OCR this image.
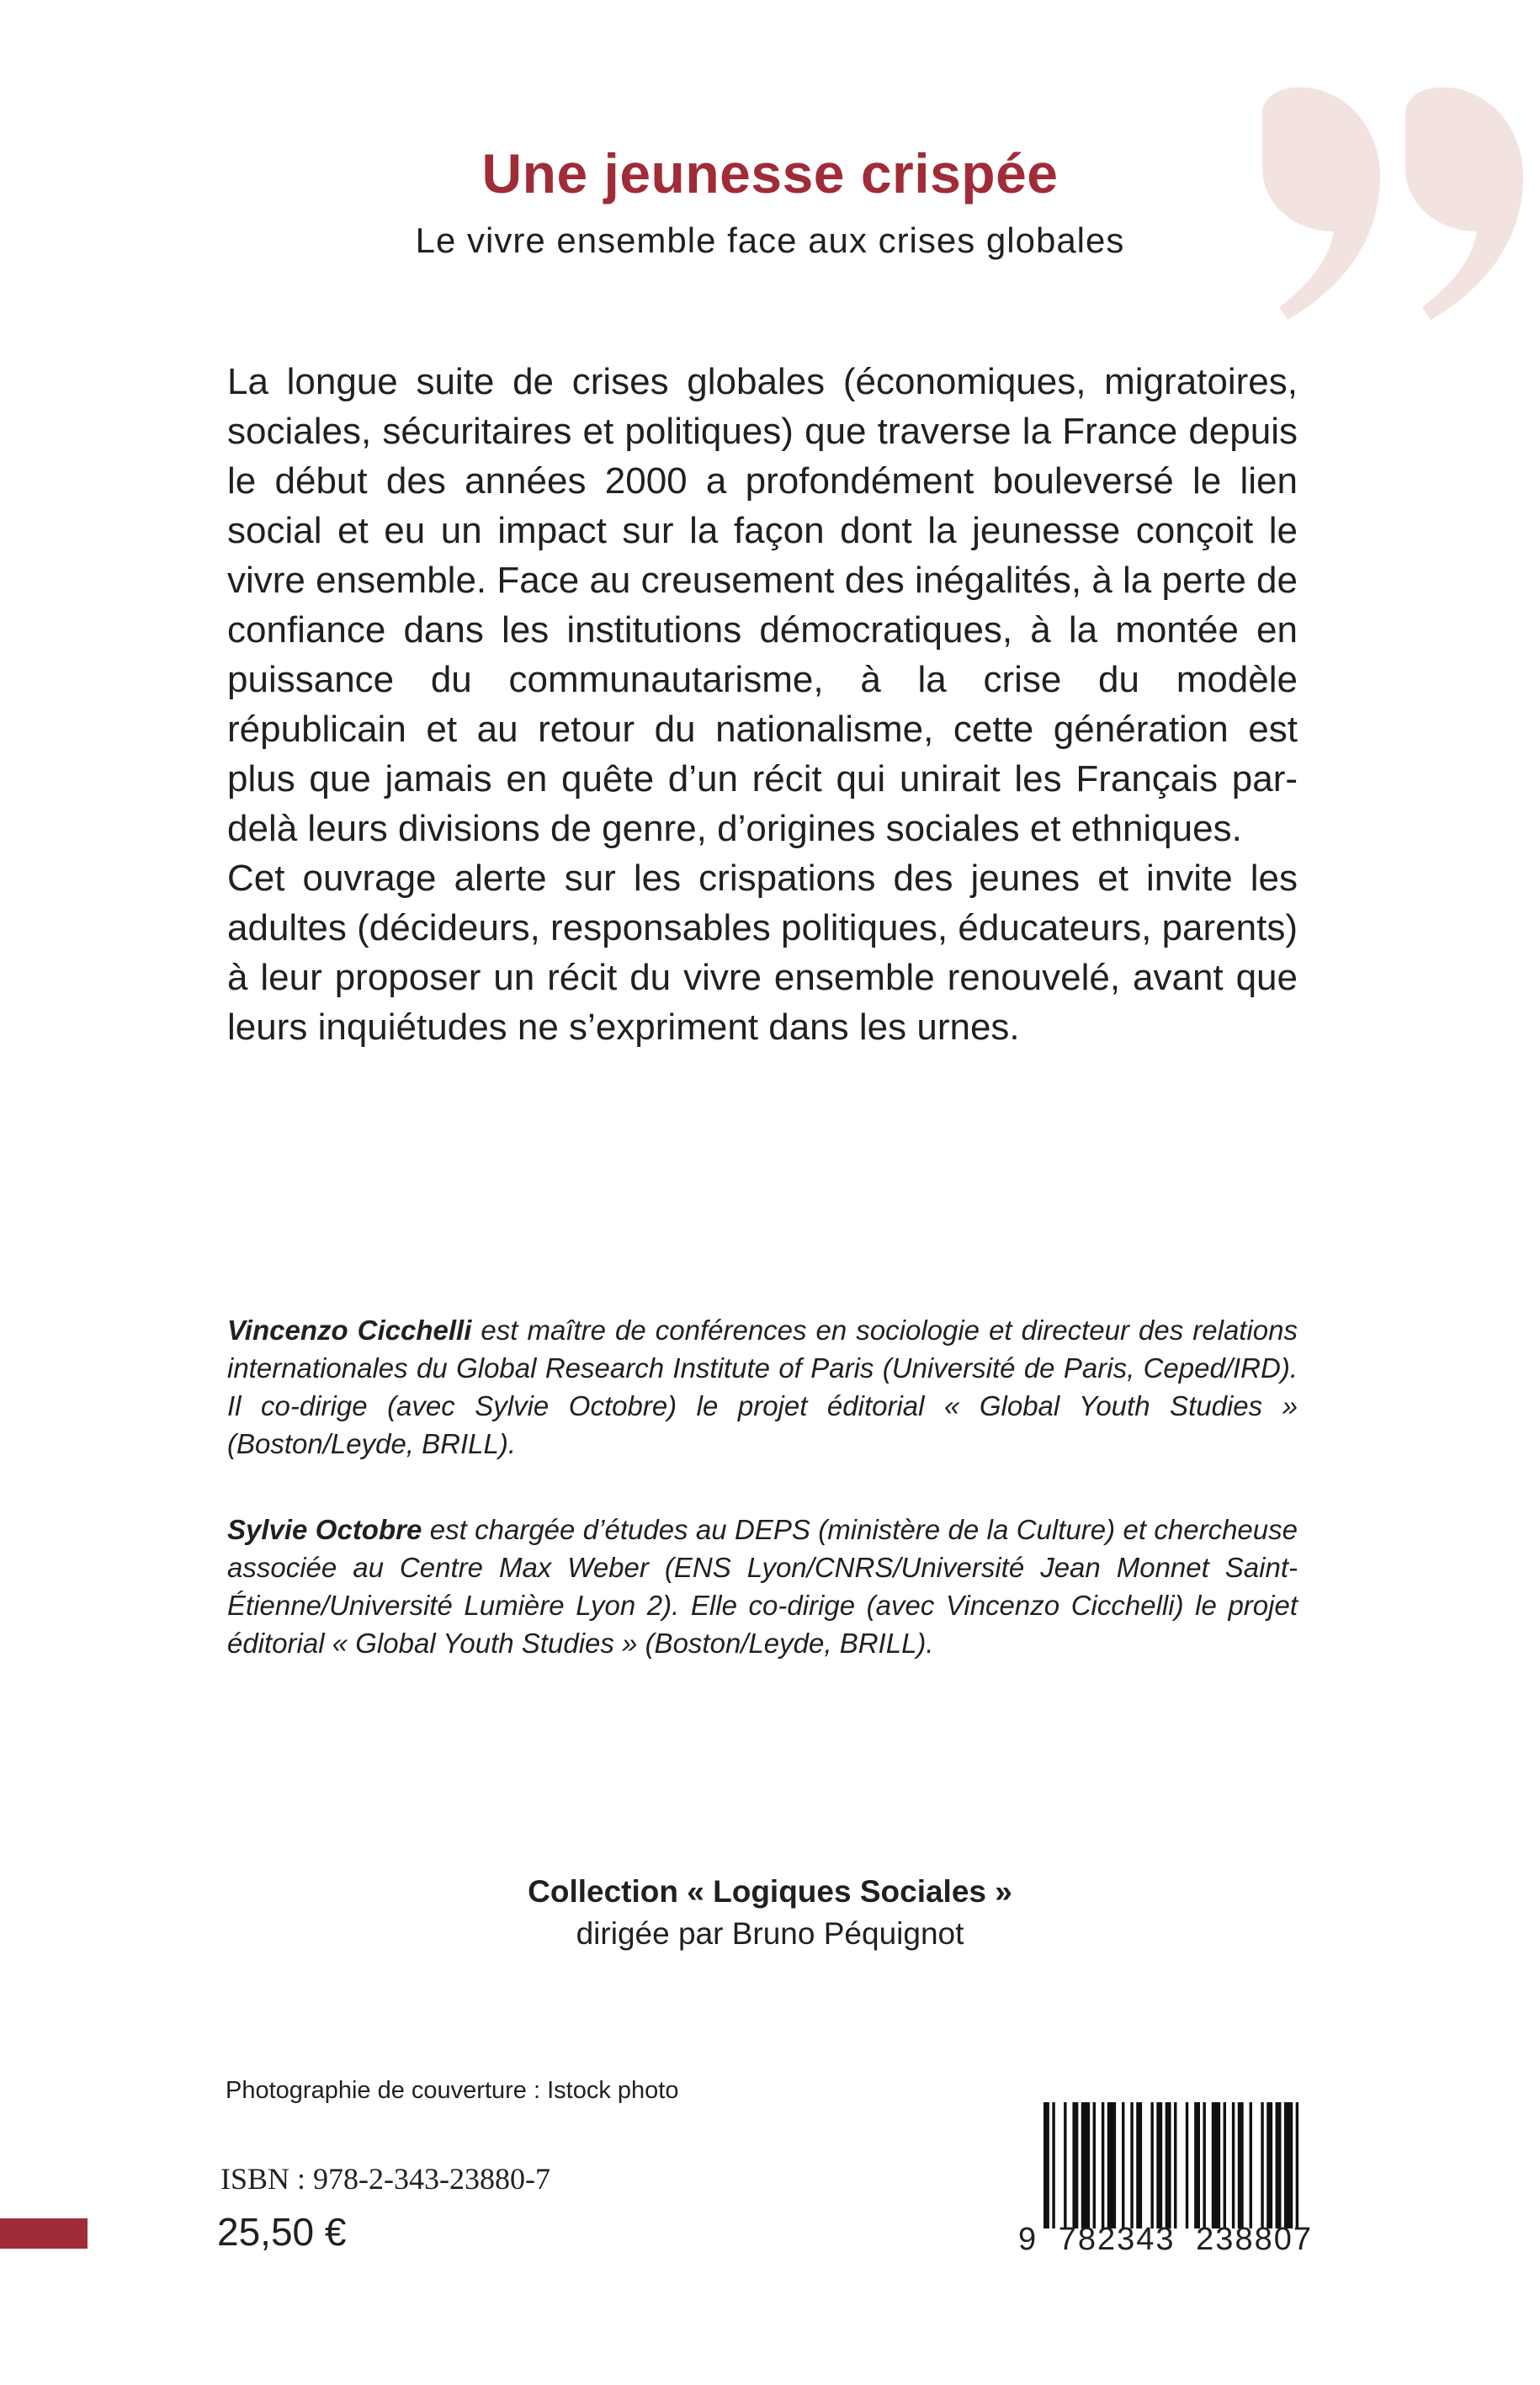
Une jeunesse crispée
Le vivre ensemble face aux crises globales

La longue suite de crises globales (économiques, migratoires, sociales, sécuritaires et politiques) que traverse la France depuis le début des années 2000 a profondément bouleversé le lien social et eu un impact sur la façon dont la jeunesse conçoit le vivre ensemble. Face au creusement des inégalités, à la perte de confiance dans les institutions démocratiques, à la montée en puissance du communautarisme, à la crise du modèle républicain et au retour du nationalisme, cette génération est plus que jamais en quête d’un récit qui unirait les Français par-delà leurs divisions de genre, d’origines sociales et ethniques.

Cet ouvrage alerte sur les crispations des jeunes et invite les adultes (décideurs, responsables politiques, éducateurs, parents) à leur proposer un récit du vivre ensemble renouvelé, avant que leurs inquiétudes ne s’expriment dans les urnes.

Vincenzo Cicchelli est maître de conférences en sociologie et directeur des relations internationales du Global Research Institute of Paris (Université de Paris, Ceped/IRD). Il co-dirige (avec Sylvie Octobre) le projet éditorial « Global Youth Studies » (Boston/Leyde, BRILL).

Sylvie Octobre est chargée d’études au DEPS (ministère de la Culture) et chercheuse associée au Centre Max Weber (ENS Lyon/CNRS/Université Jean Monnet Saint-Étienne/Université Lumière Lyon 2). Elle co-dirige (avec Vincenzo Cicchelli) le projet éditorial « Global Youth Studies » (Boston/Leyde, BRILL).

Collection « Logiques Sociales »
dirigée par Bruno Péquignot
Photographie de couverture : Istock photo
ISBN : 978-2-343-23880-7
25,50 €	9 782343 238807
